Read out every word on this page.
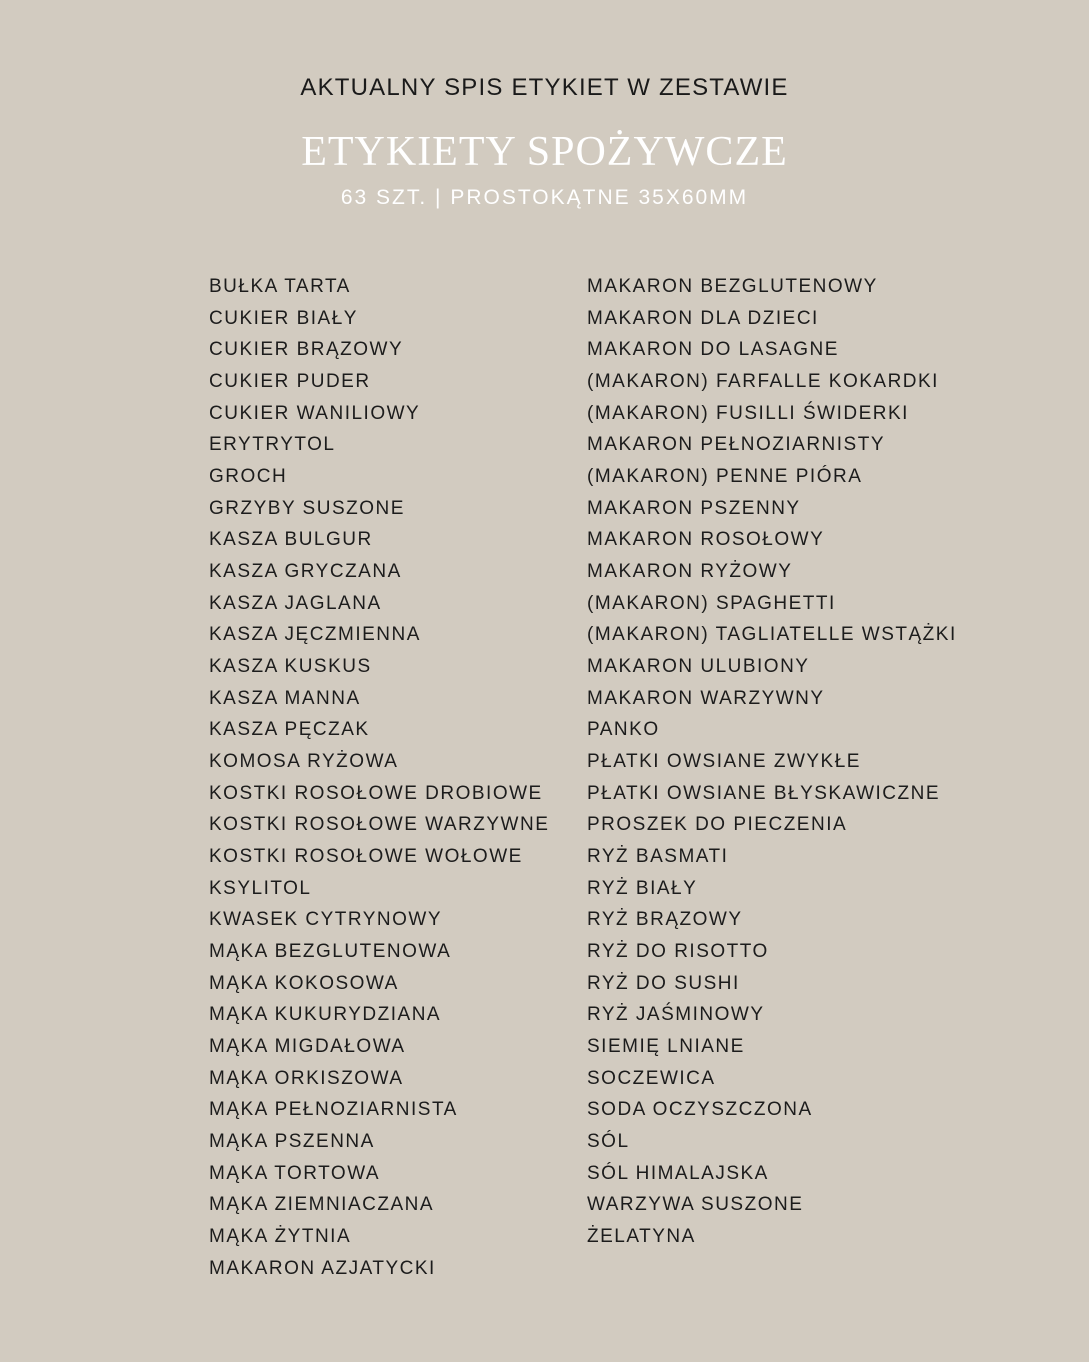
AKTUALNY SPIS ETYKIET W ZESTAWIE
ETYKIETY SPOŻYWCZE
63 SZT. | PROSTOKĄTNE 35X60MM
BUŁKA TARTA
CUKIER BIAŁY
CUKIER BRĄZOWY
CUKIER PUDER
CUKIER WANILIOWY
ERYTRYTOL
GROCH
GRZYBY SUSZONE
KASZA BULGUR
KASZA GRYCZANA
KASZA JAGLANA
KASZA JĘCZMIENNA
KASZA KUSKUS
KASZA MANNA
KASZA PĘCZAK
KOMOSA RYŻOWA
KOSTKI ROSOŁOWE DROBIOWE
KOSTKI ROSOŁOWE WARZYWNE
KOSTKI ROSOŁOWE WOŁOWE
KSYLITOL
KWASEK CYTRYNOWY
MĄKA BEZGLUTENOWA
MĄKA KOKOSOWA
MĄKA KUKURYDZIANA
MĄKA MIGDAŁOWA
MĄKA ORKISZOWA
MĄKA PEŁNOZIARNISTA
MĄKA PSZENNA
MĄKA TORTOWA
MĄKA ZIEMNIACZANA
MĄKA ŻYTNIA
MAKARON AZJATYCKI
MAKARON BEZGLUTENOWY
MAKARON DLA DZIECI
MAKARON DO LASAGNE
(MAKARON) FARFALLE KOKARDKI
(MAKARON) FUSILLI ŚWIDERKI
MAKARON PEŁNOZIARNISTY
(MAKARON) PENNE PIÓRA
MAKARON PSZENNY
MAKARON ROSOŁOWY
MAKARON RYŻOWY
(MAKARON) SPAGHETTI
(MAKARON) TAGLIATELLE WSTĄŻKI
MAKARON ULUBIONY
MAKARON WARZYWNY
PANKO
PŁATKI OWSIANE ZWYKŁE
PŁATKI OWSIANE BŁYSKAWICZNE
PROSZEK DO PIECZENIA
RYŻ BASMATI
RYŻ BIAŁY
RYŻ BRĄZOWY
RYŻ DO RISOTTO
RYŻ DO SUSHI
RYŻ JAŚMINOWY
SIEMIĘ LNIANE
SOCZEWICA
SODA OCZYSZCZONA
SÓL
SÓL HIMALAJSKA
WARZYWA SUSZONE
ŻELATYNA
